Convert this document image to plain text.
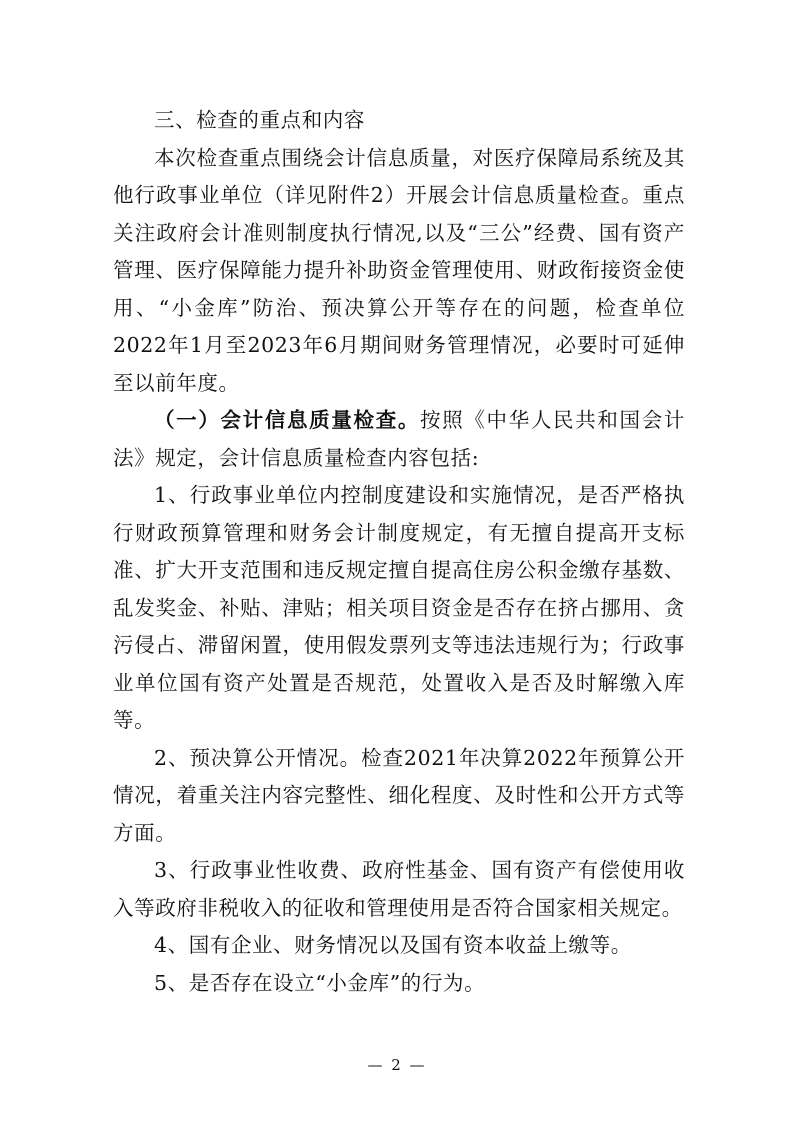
三、检查的重点和内容

本次检查重点围绕会计信息质量，对医疗保障局系统及其他行政事业单位（详见附件2）开展会计信息质量检查。重点关注政府会计准则制度执行情况,以及“三公”经费、国有资产管理、医疗保障能力提升补助资金管理使用、财政衔接资金使用、“小金库”防治、预决算公开等存在的问题，检查单位2022年1月至2023年6月期间财务管理情况，必要时可延伸至以前年度。

（一）会计信息质量检查。按照《中华人民共和国会计法》规定，会计信息质量检查内容包括:

1、行政事业单位内控制度建设和实施情况，是否严格执行财政预算管理和财务会计制度规定，有无擅自提高开支标准、扩大开支范围和违反规定擅自提高住房公积金缴存基数、乱发奖金、补贴、津贴；相关项目资金是否存在挤占挪用、贪污侵占、滞留闲置，使用假发票列支等违法违规行为；行政事业单位国有资产处置是否规范，处置收入是否及时解缴入库等。

2、预决算公开情况。检查2021年决算2022年预算公开情况，着重关注内容完整性、细化程度、及时性和公开方式等方面。

3、行政事业性收费、政府性基金、国有资产有偿使用收入等政府非税收入的征收和管理使用是否符合国家相关规定。

4、国有企业、财务情况以及国有资本收益上缴等。

5、是否存在设立“小金库”的行为。

— 2 —
